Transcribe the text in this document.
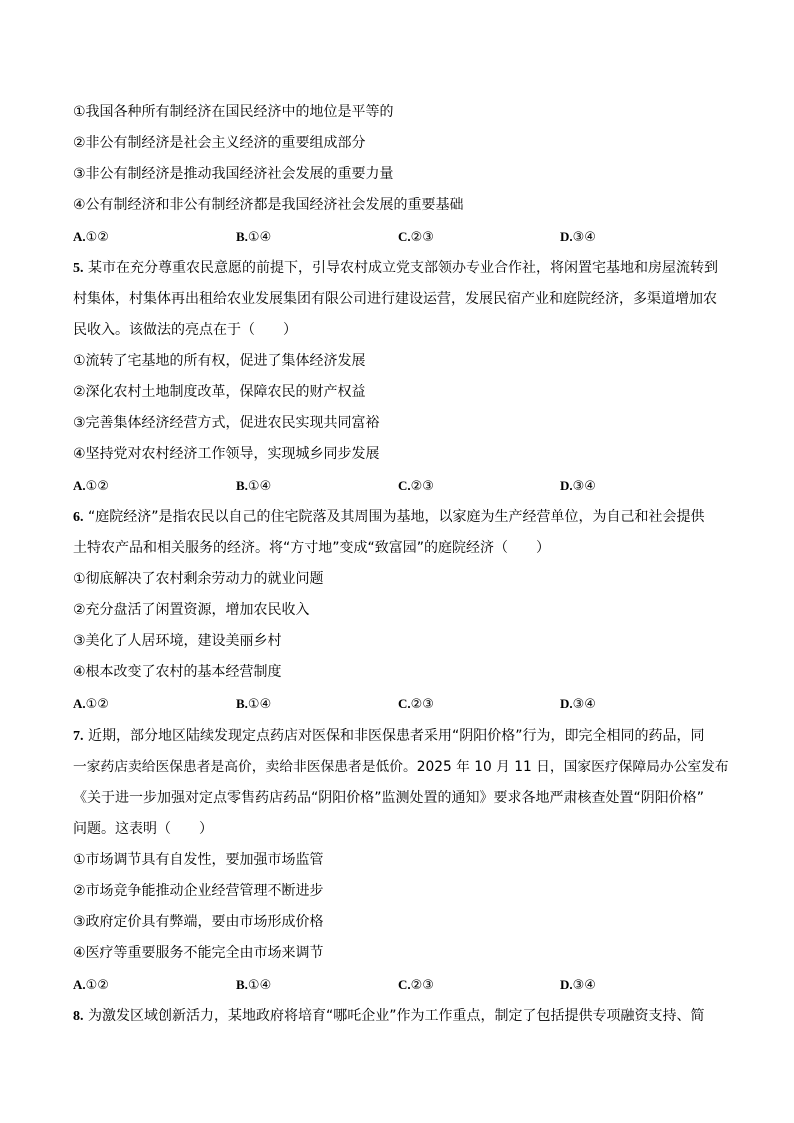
①我国各种所有制经济在国民经济中的地位是平等的
②非公有制经济是社会主义经济的重要组成部分
③非公有制经济是推动我国经济社会发展的重要力量
④公有制经济和非公有制经济都是我国经济社会发展的重要基础
A.①②	B.①④	C.②③	D.③④
5. 某市在充分尊重农民意愿的前提下，引导农村成立党支部领办专业合作社，将闲置宅基地和房屋流转到
村集体，村集体再出租给农业发展集团有限公司进行建设运营，发展民宿产业和庭院经济，多渠道增加农
民收入。该做法的亮点在于（　　）
①流转了宅基地的所有权，促进了集体经济发展
②深化农村土地制度改革，保障农民的财产权益
③完善集体经济经营方式，促进农民实现共同富裕
④坚持党对农村经济工作领导，实现城乡同步发展
A.①②	B.①④	C.②③	D.③④
6. “庭院经济”是指农民以自己的住宅院落及其周围为基地，以家庭为生产经营单位，为自己和社会提供
土特农产品和相关服务的经济。将“方寸地”变成“致富园”的庭院经济（　　）
①彻底解决了农村剩余劳动力的就业问题
②充分盘活了闲置资源，增加农民收入
③美化了人居环境，建设美丽乡村
④根本改变了农村的基本经营制度
A.①②	B.①④	C.②③	D.③④
7. 近期，部分地区陆续发现定点药店对医保和非医保患者采用“阴阳价格”行为，即完全相同的药品，同
一家药店卖给医保患者是高价，卖给非医保患者是低价。2025 年 10 月 11 日，国家医疗保障局办公室发布
《关于进一步加强对定点零售药店药品“阴阳价格”监测处置的通知》要求各地严肃核查处置“阴阳价格”
问题。这表明（　　）
①市场调节具有自发性，要加强市场监管
②市场竞争能推动企业经营管理不断进步
③政府定价具有弊端，要由市场形成价格
④医疗等重要服务不能完全由市场来调节
A.①②	B.①④	C.②③	D.③④
8. 为激发区域创新活力，某地政府将培育“哪吒企业”作为工作重点，制定了包括提供专项融资支持、简
